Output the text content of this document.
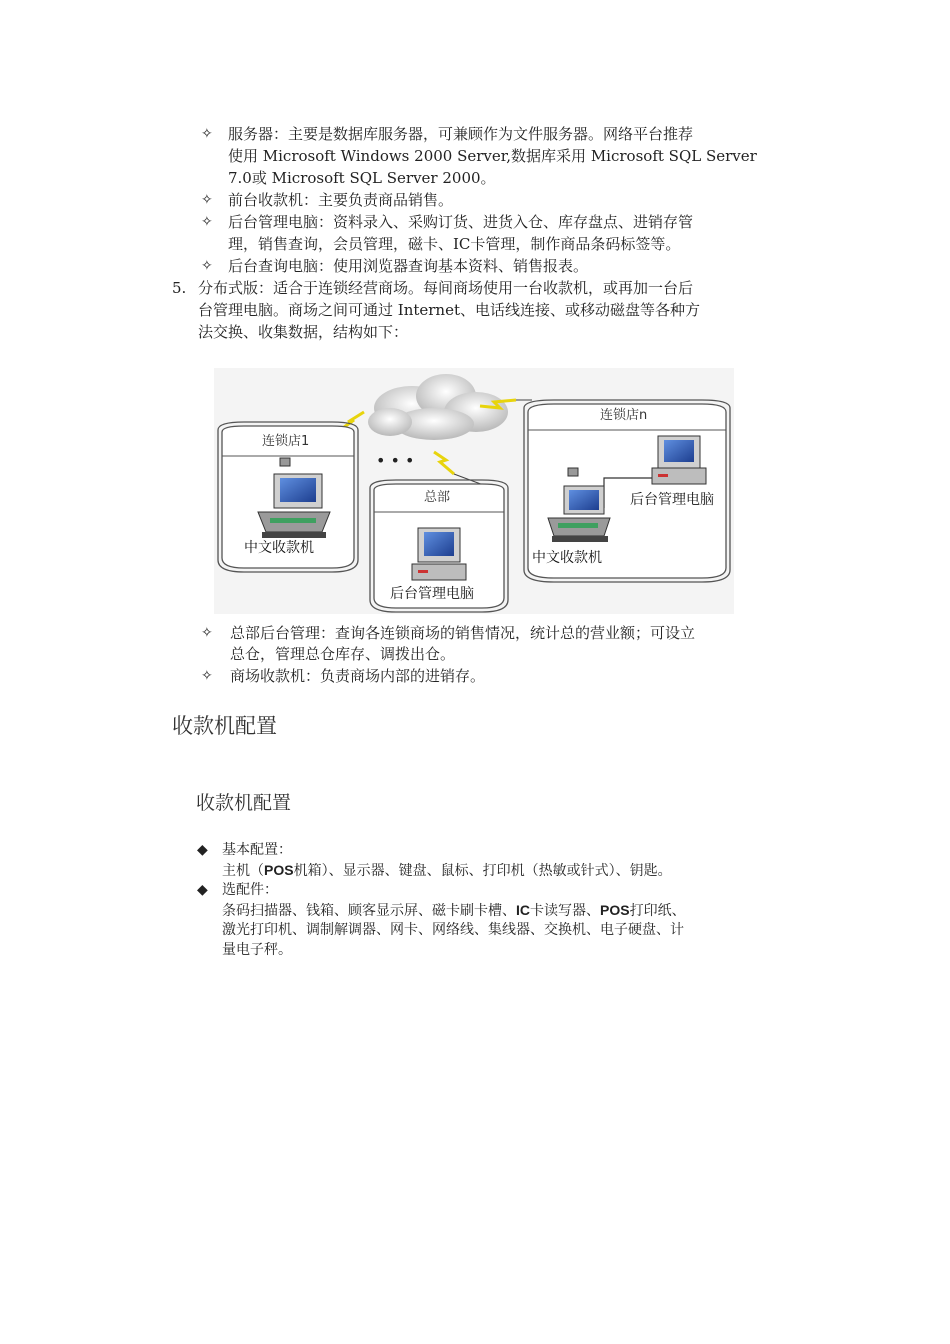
✧ 服务器：主要是数据库服务器，可兼顾作为文件服务器。网络平台推荐
使用 Microsoft Windows 2000 Server,数据库采用 Microsoft SQL Server
7.0或 Microsoft SQL Server 2000。
✧ 前台收款机：主要负责商品销售。
✧ 后台管理电脑：资料录入、采购订货、进货入仓、库存盘点、进销存管
理，销售查询，会员管理，磁卡、IC卡管理，制作商品条码标签等。
✧ 后台查询电脑：使用浏览器查询基本资料、销售报表。
5. 分布式版：适合于连锁经营商场。每间商场使用一台收款机，或再加一台后
台管理电脑。商场之间可通过 Internet、电话线连接、或移动磁盘等各种方
法交换、收集数据，结构如下：
• • •
连锁店1
中文收款机
总部
后台管理电脑
连锁店n
后台管理电脑
中文收款机
✧ 总部后台管理：查询各连锁商场的销售情况，统计总的营业额；可设立
总仓，管理总仓库存、调拨出仓。
✧ 商场收款机：负责商场内部的进销存。
收款机配置
收款机配置
◆ 基本配置：
主机（POS机箱）、显示器、键盘、鼠标、打印机（热敏或针式）、钥匙。
◆ 选配件：
条码扫描器、钱箱、顾客显示屏、磁卡刷卡槽、IC卡读写器、POS打印纸、
激光打印机、调制解调器、网卡、网络线、集线器、交换机、电子硬盘、计
量电子秤。
